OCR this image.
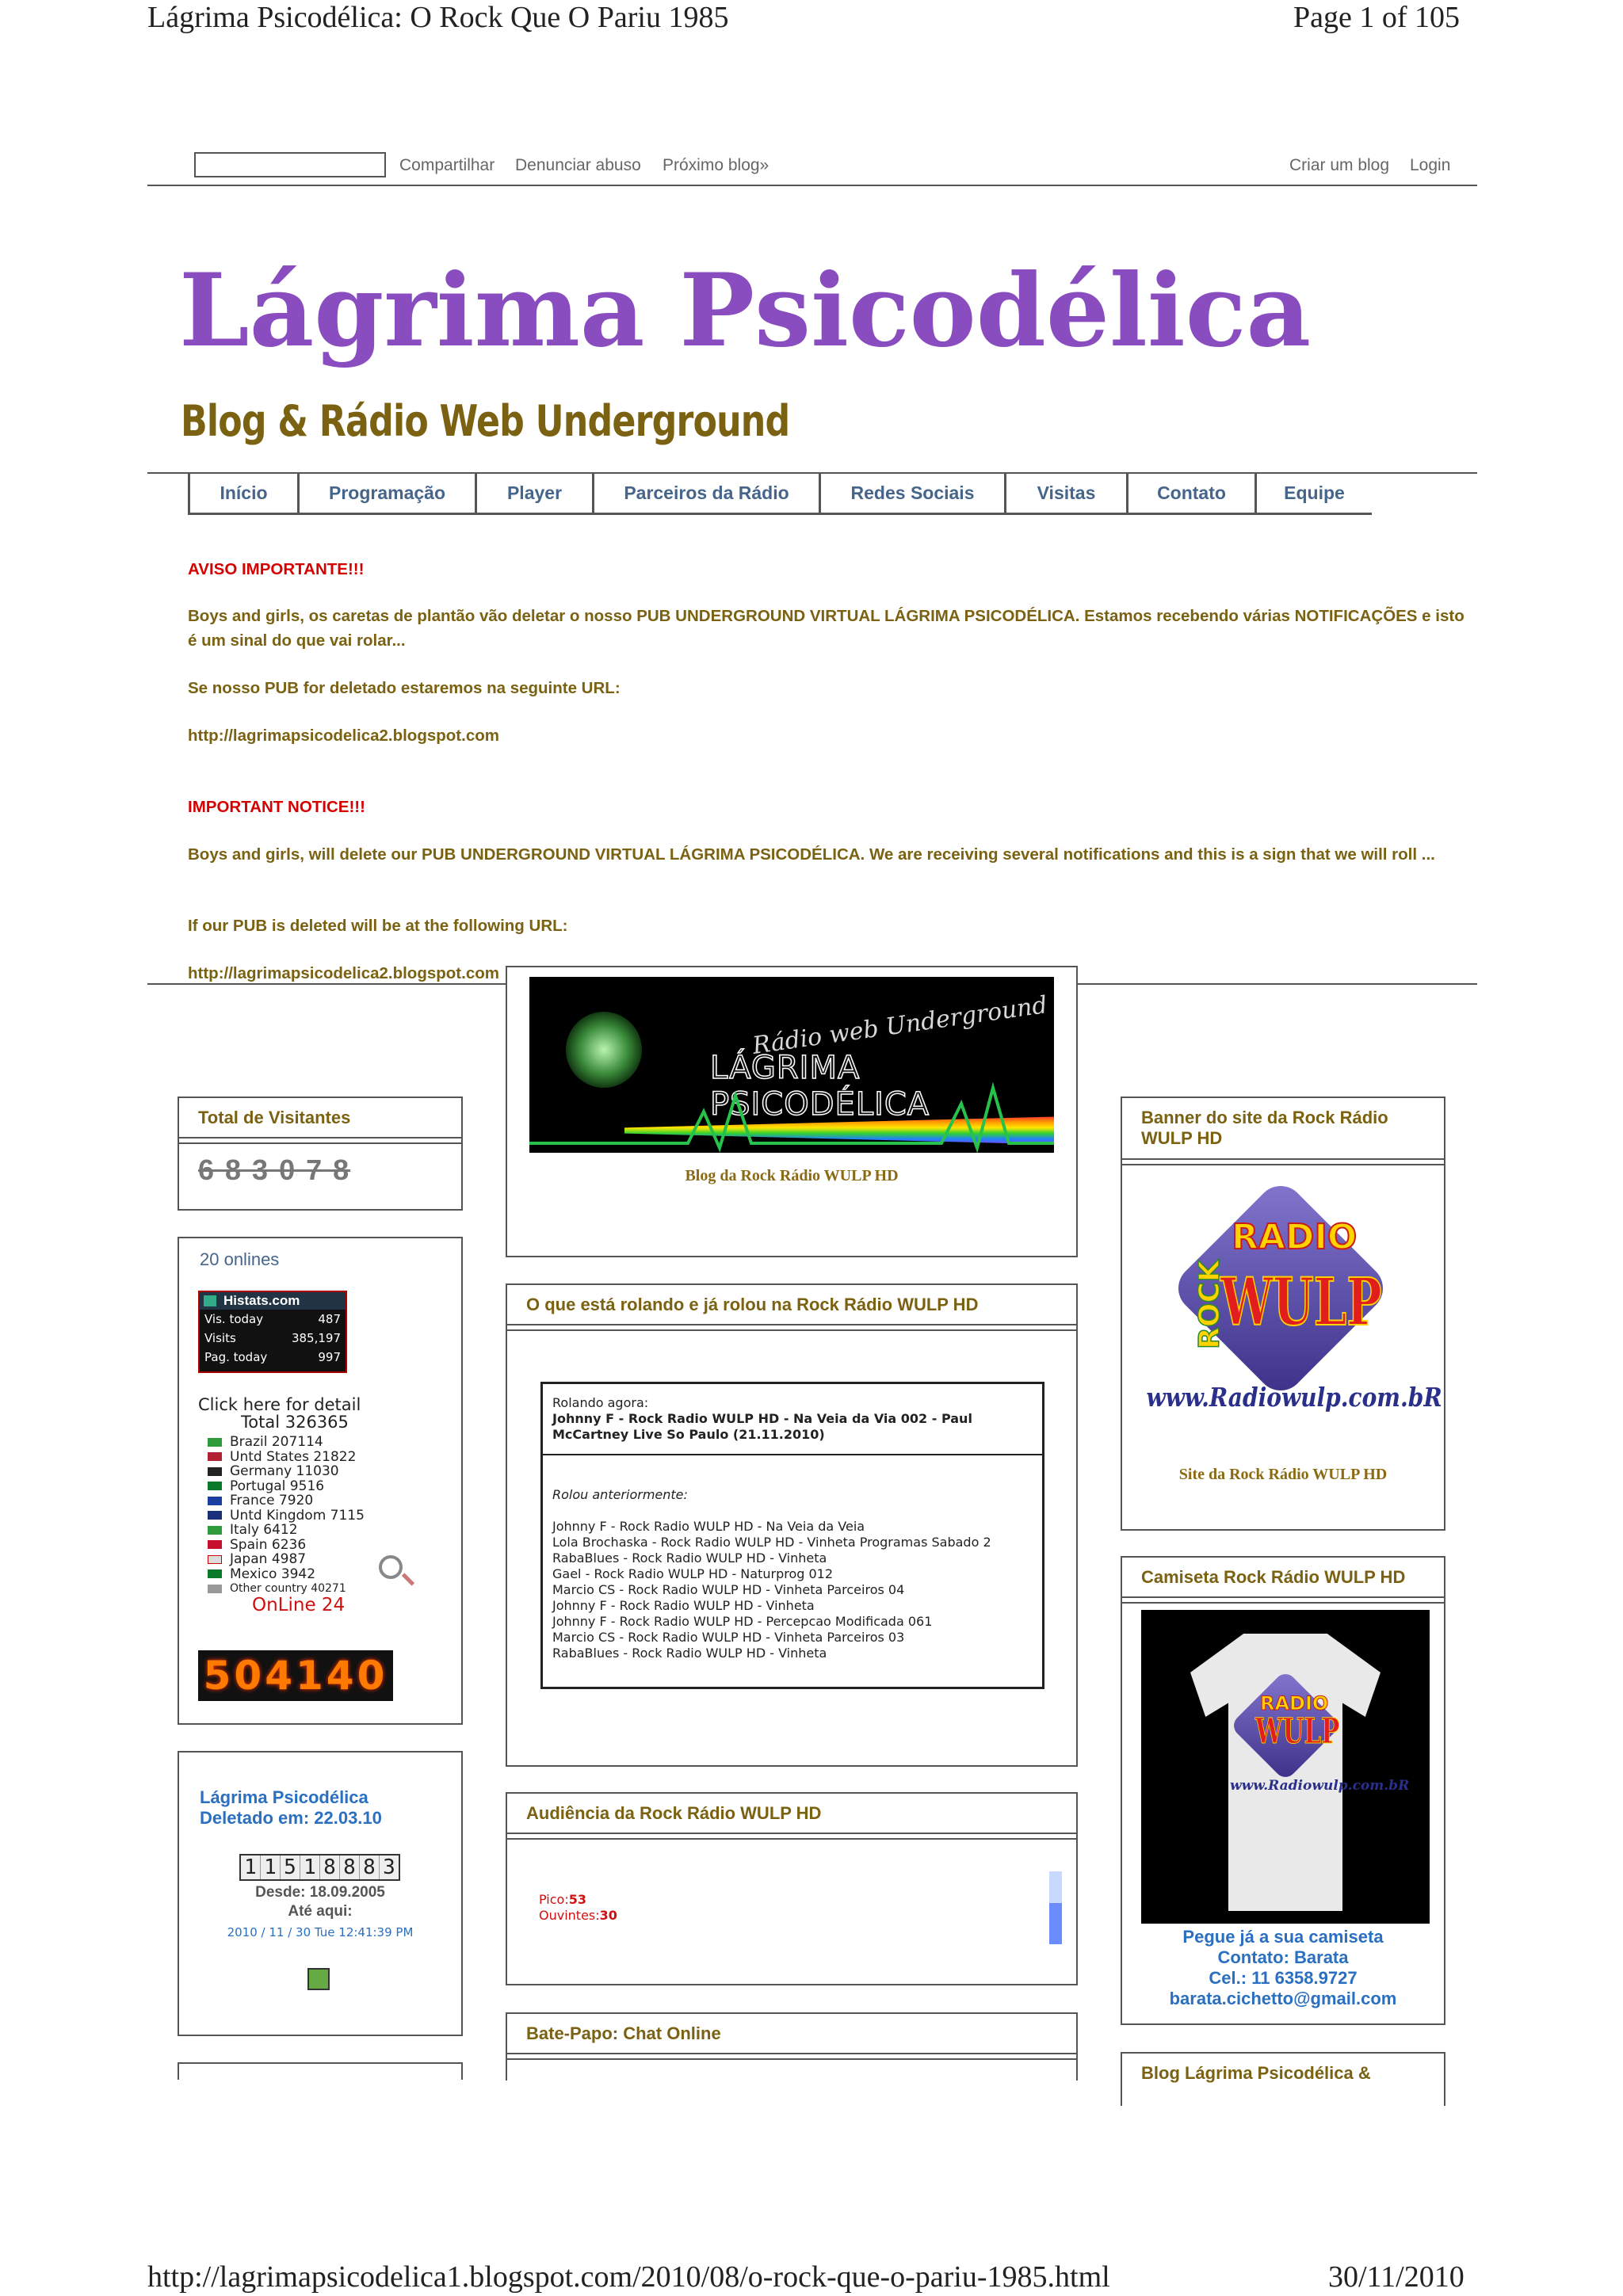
Lágrima Psicodélica: O Rock Que O Pariu 1985	Page 1 of 105
http://lagrimapsicodelica1.blogspot.com/2010/08/o-rock-que-o-pariu-1985.html	30/11/2010
Compartilhar Denunciar abuso Próximo blog»	Criar um blog Login
Lágrima Psicodélica
Blog & Rádio Web Underground
Início	Programação	Player	Parceiros da Rádio	Redes Sociais	Visitas	Contato	Equipe
AVISO IMPORTANTE!!!
Boys and girls, os caretas de plantão vão deletar o nosso PUB UNDERGROUND VIRTUAL LÁGRIMA PSICODÉLICA. Estamos recebendo várias NOTIFICAÇÕES e isto é um sinal do que vai rolar...
Se nosso PUB for deletado estaremos na seguinte URL:
http://lagrimapsicodelica2.blogspot.com
IMPORTANT NOTICE!!!
Boys and girls, will delete our PUB UNDERGROUND VIRTUAL LÁGRIMA PSICODÉLICA. We are receiving several notifications and this is a sign that we will roll ...
If our PUB is deleted will be at the following URL:
http://lagrimapsicodelica2.blogspot.com
Total de Visitantes
6 8 3 0 7 8
20 onlines
Histats.com
Vis. today	487
Visits	385,197
Pag. today	997
Click here for detail
Total 326365
Brazil 207114
Untd States 21822
Germany 11030
Portugal 9516
France 7920
Untd Kingdom 7115
Italy 6412
Spain 6236
Japan 4987
Mexico 3942
Other country 40271
OnLine 24
504140
Lágrima Psicodélica
Deletado em: 22.03.10
1 1 5 1 8 8 8 3
Desde: 18.09.2005
Até aqui:
2010 / 11 / 30 Tue 12:41:39 PM
Rádio web Underground
LÁGRIMA PSICODÉLICA
Blog da Rock Rádio WULP HD
O que está rolando e já rolou na Rock Rádio WULP HD
Rolando agora:
Johnny F - Rock Radio WULP HD - Na Veia da Via 002 - Paul McCartney Live So Paulo (21.11.2010)
Rolou anteriormente:
Johnny F - Rock Radio WULP HD - Na Veia da Veia
Lola Brochaska - Rock Radio WULP HD - Vinheta Programas Sabado 2
RabaBlues - Rock Radio WULP HD - Vinheta
Gael - Rock Radio WULP HD - Naturprog 012
Marcio CS - Rock Radio WULP HD - Vinheta Parceiros 04
Johnny F - Rock Radio WULP HD - Vinheta
Johnny F - Rock Radio WULP HD - Percepcao Modificada 061
Marcio CS - Rock Radio WULP HD - Vinheta Parceiros 03
RabaBlues - Rock Radio WULP HD - Vinheta
Audiência da Rock Rádio WULP HD
Pico:53
Ouvintes:30
Bate-Papo: Chat Online
Banner do site da Rock Rádio WULP HD
RADIO
ROCK
WULP
www.Radiowulp.com.bR
Site da Rock Rádio WULP HD
Camiseta Rock Rádio WULP HD
RADIO
WULP
www.Radiowulp.com.bR
Pegue já a sua camiseta
Contato: Barata
Cel.: 11 6358.9727
barata.cichetto@gmail.com
Blog Lágrima Psicodélica &
